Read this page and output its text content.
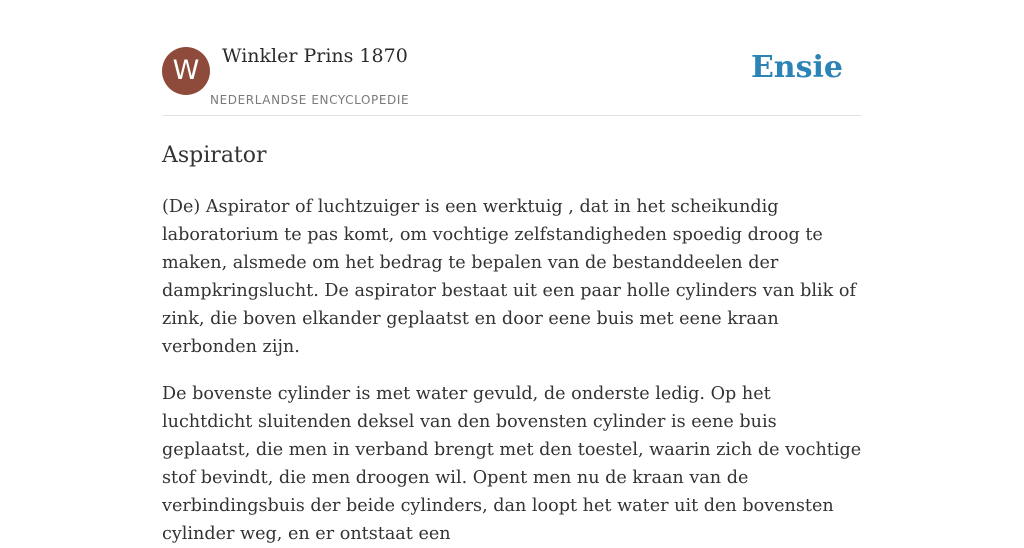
W	Winkler Prins 1870
NEDERLANDSE ENCYCLOPEDIE
Ensie
Aspirator

(De) Aspirator of luchtzuiger is een werktuig , dat in het scheikundig laboratorium te pas komt, om vochtige zelfstandigheden spoedig droog te maken, alsmede om het bedrag te bepalen van de bestanddeelen der dampkringslucht. De aspirator bestaat uit een paar holle cylinders van blik of zink, die boven elkander geplaatst en door eene buis met eene kraan verbonden zijn.

De bovenste cylinder is met water gevuld, de onderste ledig. Op het luchtdicht sluitenden deksel van den bovensten cylinder is eene buis geplaatst, die men in verband brengt met den toestel, waarin zich de vochtige stof bevindt, die men droogen wil. Opent men nu de kraan van de verbindingsbuis der beide cylinders, dan loopt het water uit den bovensten cylinder weg, en er ontstaat een
